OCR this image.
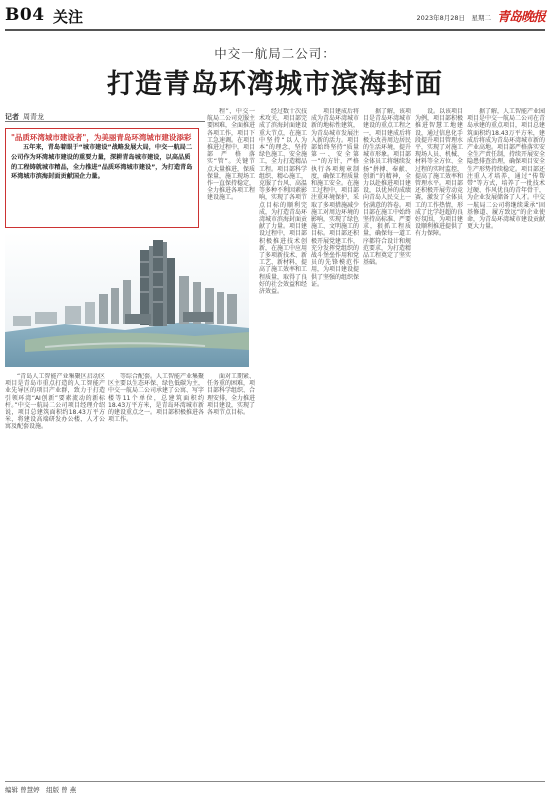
B04 关注	2023年8月28日　星期二 青岛晚报
中交一航局二公司：
打造青岛环湾城市滨海封面
记者 周青龙
"品质环湾城市建设者"，为美丽青岛环湾城市建设添彩
五年来，青岛着眼于“城市建设”战略发展大局，中交一航局二公司作为环湾城市建设的重要力量，深耕青岛城市建设，以高品质的工程铸就城市精品，全力推进“品质环湾城市建设”，为打造青岛环湾城市滨海封面贡献国企力量。
程”，中交一航局二公司克服主要困难，全面推进各项工作，项目下工急速调。在项目推进过程中，项目部严格落实“管”。关键节点大量推进，保质保量，施工现场工作一直保持稳定，全力推进各项工程建设施工。
经过数十次技术攻关，项目部完成了滨海封面建设重大节点，在施工中坚持“以人为本”的理念，坚持绿色施工、安全施工，全力打造精品工程。项目部科学组织、精心施工，克服了台风、高温等多种不利因素影响，实现了各项节点目标的顺利完成，为打造青岛环湾城市滨海封面贡献了力量。项目建设过程中，项目部积极推进技术创新，在施工中应用了多项新技术、新工艺、新材料，提高了施工效率和工程质量，取得了良好的社会效益和经济效益。
项目建成后将成为青岛环湾城市新的地标性建筑，为青岛城市发展注入新的活力。项目部始终坚持“质量第一、安全第一”的方针，严格执行各项规章制度，确保工程质量和施工安全。在施工过程中，项目部注重环境保护，采取了多项措施减少施工对周边环境的影响，实现了绿色施工、文明施工的目标。项目部还积极开展党建工作，充分发挥党组织的战斗堡垒作用和党员的先锋模范作用，为项目建设提供了坚强的组织保证。
据了解，该项目是青岛环湾城市建设的重点工程之一，项目建成后将极大改善周边居民的生活环境，提升城市形象。项目部全体员工将继续发扬“拼搏、奉献、创新”的精神，全力以赴推进项目建设，以优异的成绩向青岛人民交上一份满意的答卷。项目部在施工中始终坚持高标准、严要求，狠抓工程质量，确保每一道工序都符合设计和规范要求，为打造精品工程奠定了坚实基础。
设。以该项目为例，项目部积极推进智慧工地建设，通过信息化手段提升项目管理水平，实现了对施工现场人员、机械、材料等全方位、全过程的实时监控，提高了施工效率和管理水平。项目部还积极开展劳动竞赛，激发了全体员工的工作热情，形成了比学赶超的良好氛围，为项目建设顺利推进提供了有力保障。
据了解，人工智能产业园项目是中交一航局二公司在青岛承建的重点项目，项目总建筑面积约18.43万平方米，建成后将成为青岛环湾城市新的产业高地。项目部严格落实安全生产责任制，持续开展安全隐患排查治理，确保项目安全生产形势持续稳定。项目部还注重人才培养，通过“传帮带”等方式，培养了一批技术过硬、作风优良的青年骨干，为企业发展储备了人才。中交一航局二公司将继续秉承“固基修道、履方致远”的企业使命，为青岛环湾城市建设贡献更大力量。
“青岛人工智能产业集聚区启动区项目是青岛市重点打造的人工智能产业先导区的项目产业群，致力于打造引领环湾“AI创新”要素流动的新标杆。”中交一航局二公司项目经理介绍说，项目总建筑面积约18.43万平方米，将建设高端研发办公楼、人才公寓及配套设施。
等综合配套。人工智能产业集聚区主要以生态环保、绿色低碳为主，中交一航局二公司承建了公寓、写字楼等11个单位，总建筑面积约18.43万平方米，是青岛环湾城市新的建设重点之一。项目部积极推进各项工作。
面对工期紧、任务重的困难，项目部科学组织、合理安排，全力推进项目建设，实现了各项节点目标。
编辑 曾慧婷　组版 曾 燕
